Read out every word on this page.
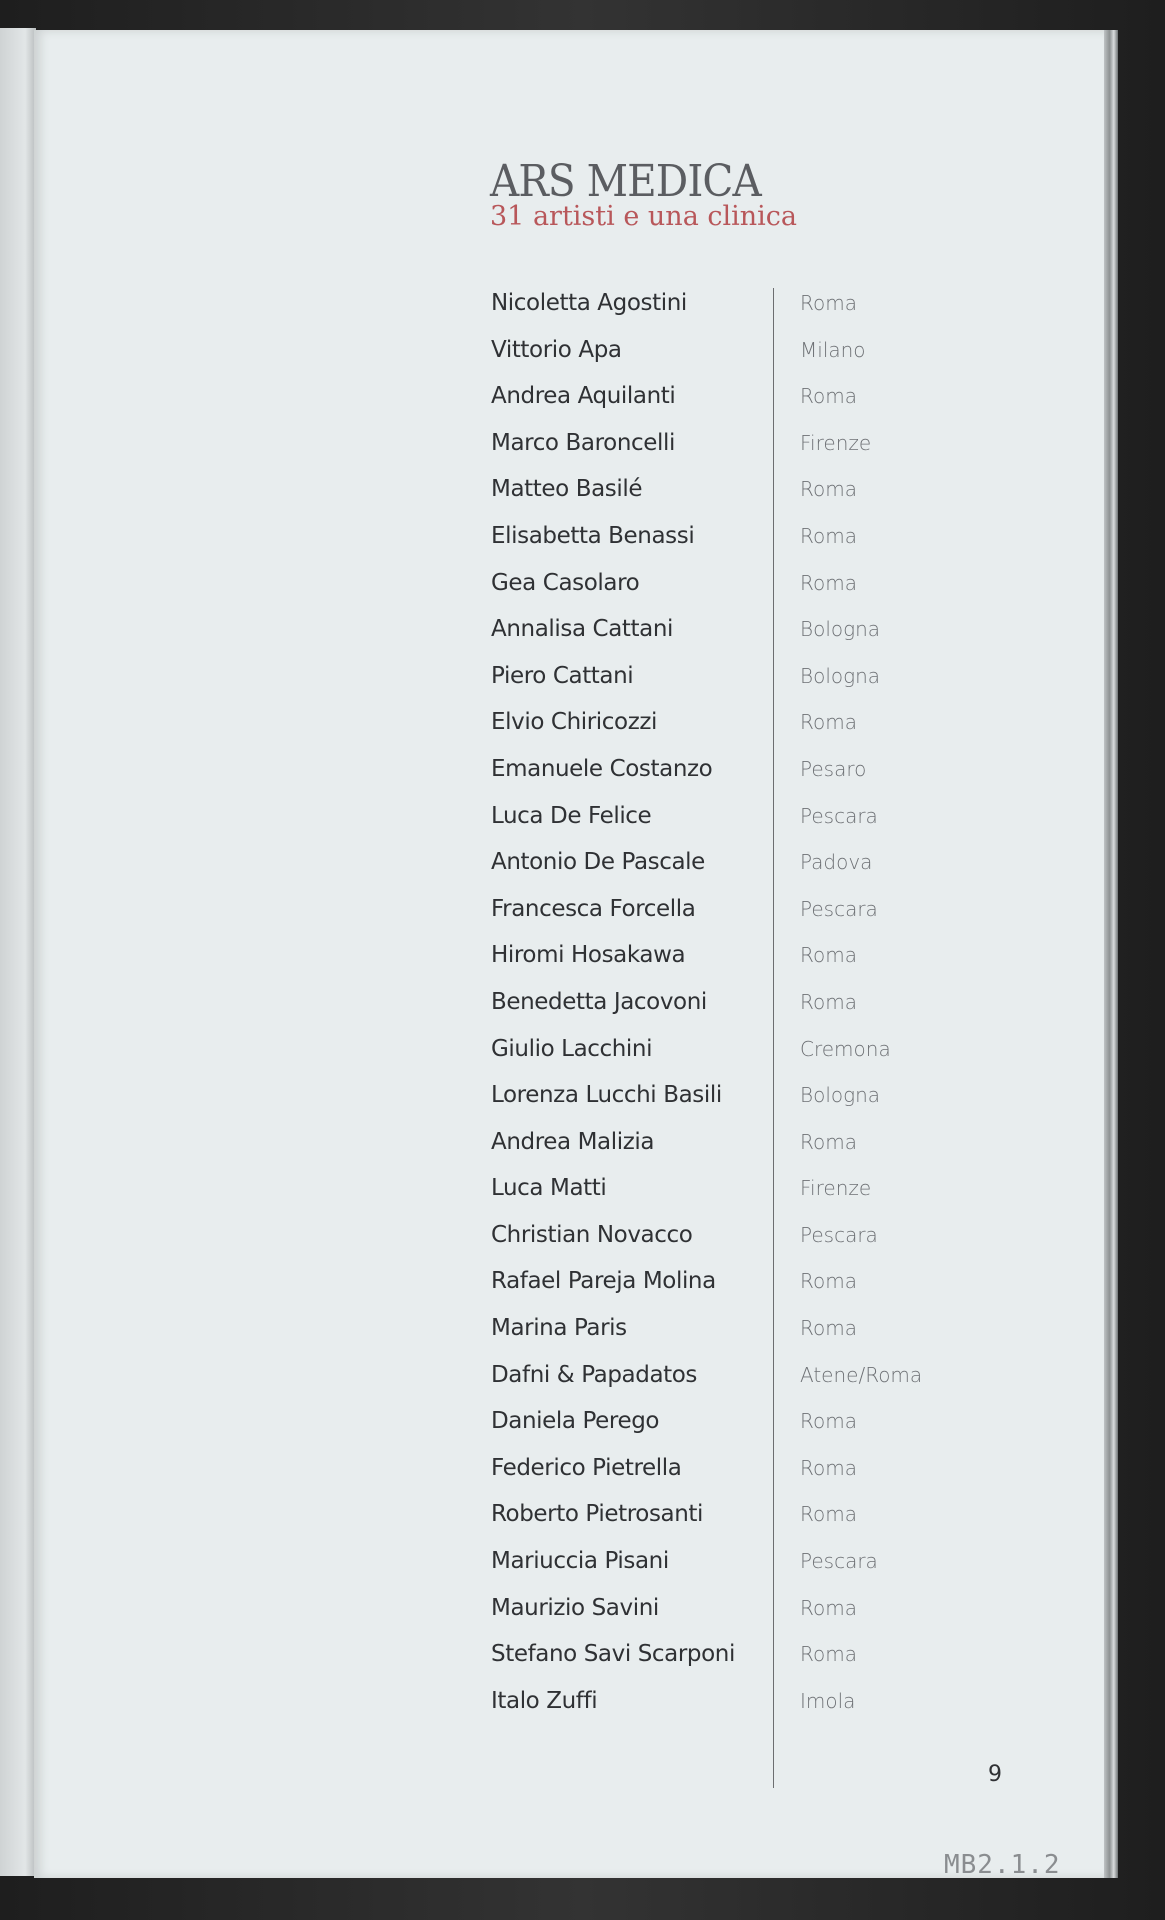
ARS MEDICA
31 artisti e una clinica
Nicoletta Agostini
Vittorio Apa
Andrea Aquilanti
Marco Baroncelli
Matteo Basilé
Elisabetta Benassi
Gea Casolaro
Annalisa Cattani
Piero Cattani
Elvio Chiricozzi
Emanuele Costanzo
Luca De Felice
Antonio De Pascale
Francesca Forcella
Hiromi Hosakawa
Benedetta Jacovoni
Giulio Lacchini
Lorenza Lucchi Basili
Andrea Malizia
Luca Matti
Christian Novacco
Rafael Pareja Molina
Marina Paris
Dafni & Papadatos
Daniela Perego
Federico Pietrella
Roberto Pietrosanti
Mariuccia Pisani
Maurizio Savini
Stefano Savi Scarponi
Italo Zuffi
Roma
Milano
Roma
Firenze
Roma
Roma
Roma
Bologna
Bologna
Roma
Pesaro
Pescara
Padova
Pescara
Roma
Roma
Cremona
Bologna
Roma
Firenze
Pescara
Roma
Roma
Atene/Roma
Roma
Roma
Roma
Pescara
Roma
Roma
Imola
9
MB2.1.2
